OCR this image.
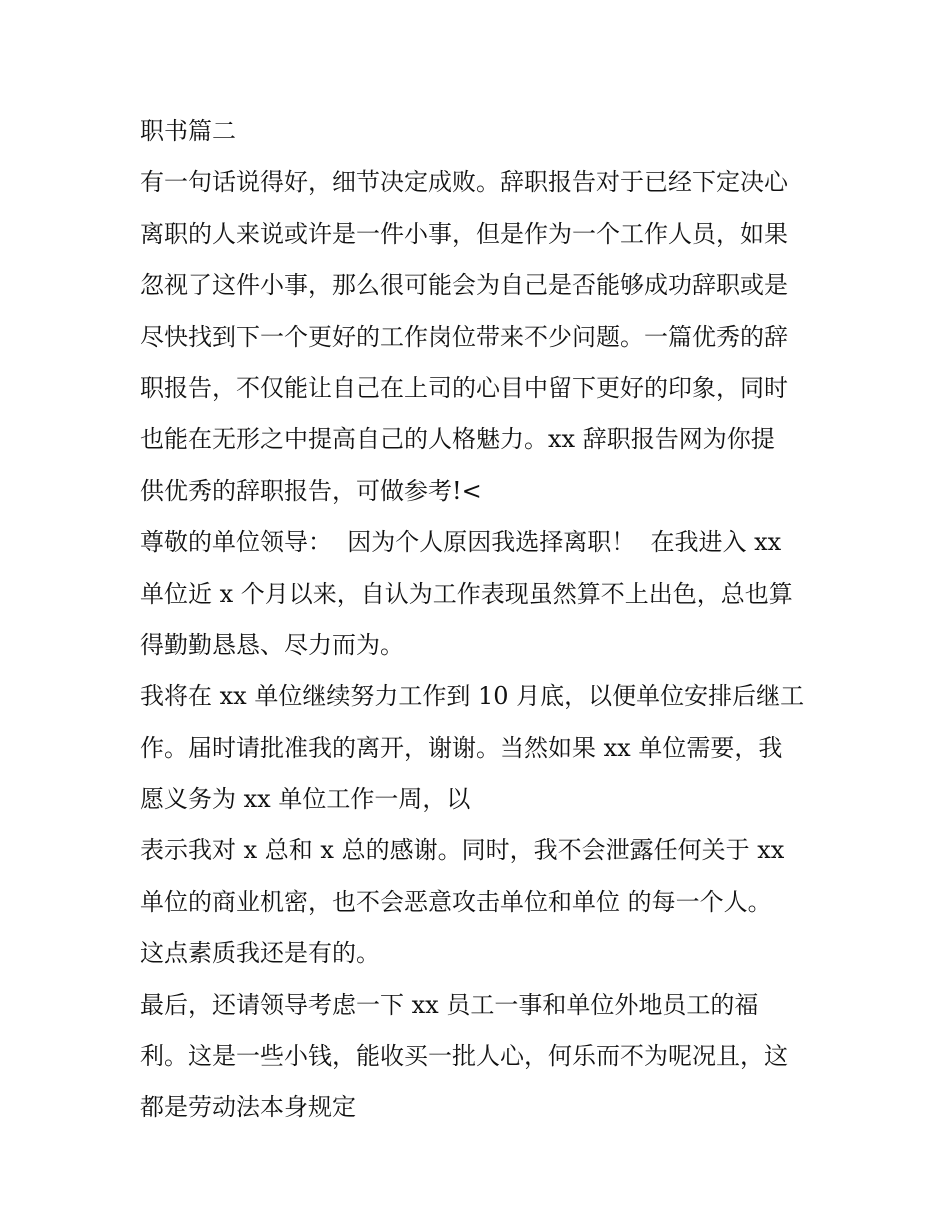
职书篇二
有一句话说得好，细节决定成败。辞职报告对于已经下定决心
离职的人来说或许是一件小事，但是作为一个工作人员，如果
忽视了这件小事，那么很可能会为自己是否能够成功辞职或是
尽快找到下一个更好的工作岗位带来不少问题。一篇优秀的辞
职报告，不仅能让自己在上司的心目中留下更好的印象，同时
也能在无形之中提高自己的人格魅力。xx 辞职报告网为你提
供优秀的辞职报告，可做参考!<
尊敬的单位领导：  因为个人原因我选择离职！  在我进入 xx
单位近 x 个月以来，自认为工作表现虽然算不上出色，总也算
得勤勤恳恳、尽力而为。
我将在 xx 单位继续努力工作到 10 月底，以便单位安排后继工
作。届时请批准我的离开，谢谢。当然如果 xx 单位需要，我
愿义务为 xx 单位工作一周，以
表示我对 x 总和 x 总的感谢。同时，我不会泄露任何关于 xx
单位的商业机密，也不会恶意攻击单位和单位 的每一个人。
这点素质我还是有的。
最后，还请领导考虑一下 xx 员工一事和单位外地员工的福
利。这是一些小钱，能收买一批人心，何乐而不为呢况且，这
都是劳动法本身规定
